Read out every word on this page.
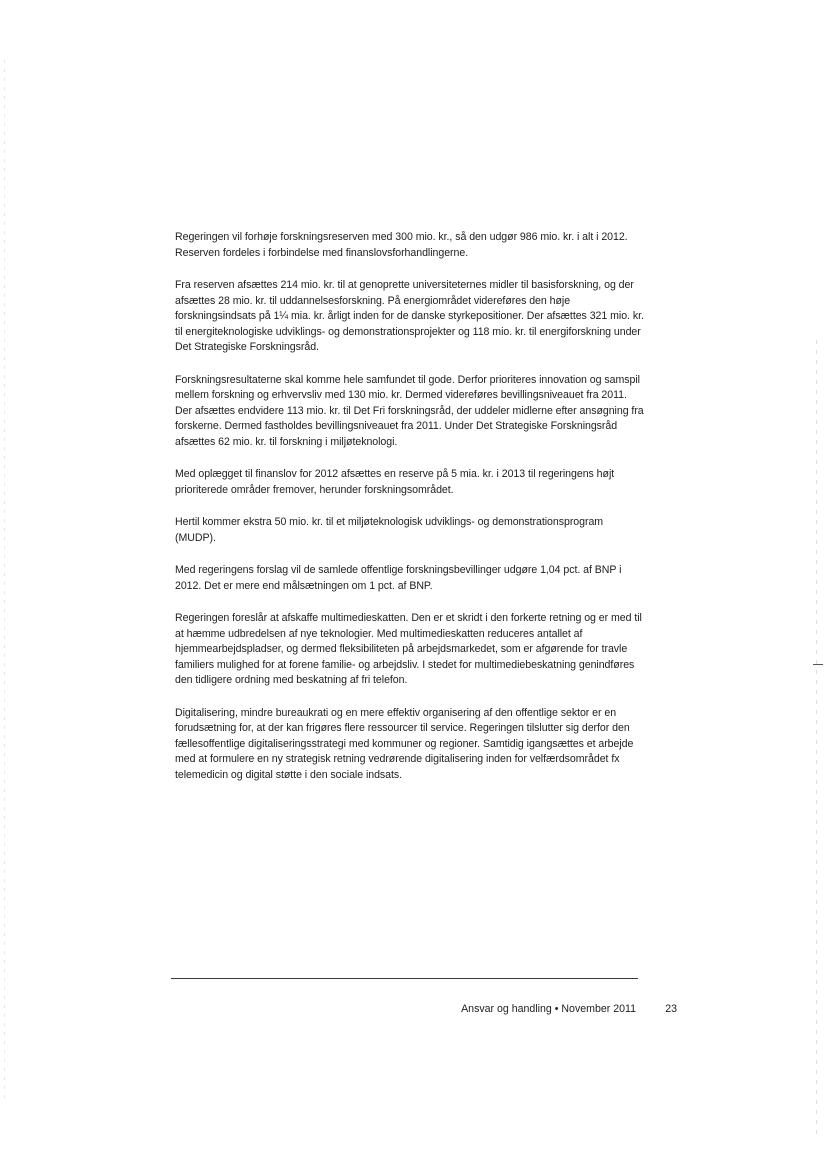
Regeringen vil forhøje forskningsreserven med 300 mio. kr., så den udgør 986 mio. kr. i alt i 2012. Reserven fordeles i forbindelse med finanslovsforhandlingerne.

Fra reserven afsættes 214 mio. kr. til at genoprette universiteternes midler til basisforskning, og der afsættes 28 mio. kr. til uddannelsesforskning. På energiområdet videreføres den høje forskningsindsats på 1¼ mia. kr. årligt inden for de danske styrkepositioner. Der afsættes 321 mio. kr. til energiteknologiske udviklings- og demonstrationsprojekter og 118 mio. kr. til energiforskning under Det Strategiske Forskningsråd.

Forskningsresultaterne skal komme hele samfundet til gode. Derfor prioriteres innovation og samspil mellem forskning og erhvervsliv med 130 mio. kr. Dermed videreføres bevillingsniveauet fra 2011. Der afsættes endvidere 113 mio. kr. til Det Fri forskningsråd, der uddeler midlerne efter ansøgning fra forskerne. Dermed fastholdes bevillingsniveauet fra 2011. Under Det Strategiske Forskningsråd afsættes 62 mio. kr. til forskning i miljøteknologi.

Med oplægget til finanslov for 2012 afsættes en reserve på 5 mia. kr. i 2013 til regeringens højt prioriterede områder fremover, herunder forskningsområdet.

Hertil kommer ekstra 50 mio. kr. til et miljøteknologisk udviklings- og demonstrationsprogram (MUDP).

Med regeringens forslag vil de samlede offentlige forskningsbevillinger udgøre 1,04 pct. af BNP i 2012. Det er mere end målsætningen om 1 pct. af BNP.

Regeringen foreslår at afskaffe multimedieskatten. Den er et skridt i den forkerte retning og er med til at hæmme udbredelsen af nye teknologier. Med multimedieskatten reduceres antallet af hjemmearbejdspladser, og dermed fleksibiliteten på arbejdsmarkedet, som er afgørende for travle familiers mulighed for at forene familie- og arbejdsliv. I stedet for multimediebeskatning genindføres den tidligere ordning med beskatning af fri telefon.

Digitalisering, mindre bureaukrati og en mere effektiv organisering af den offentlige sektor er en forudsætning for, at der kan frigøres flere ressourcer til service. Regeringen tilslutter sig derfor den fællesoffentlige digitaliseringsstrategi med kommuner og regioner. Samtidig igangsættes et arbejde med at formulere en ny strategisk retning vedrørende digitalisering inden for velfærdsområdet fx telemedicin og digital støtte i den sociale indsats.

Ansvar og handling • November 2011	23
